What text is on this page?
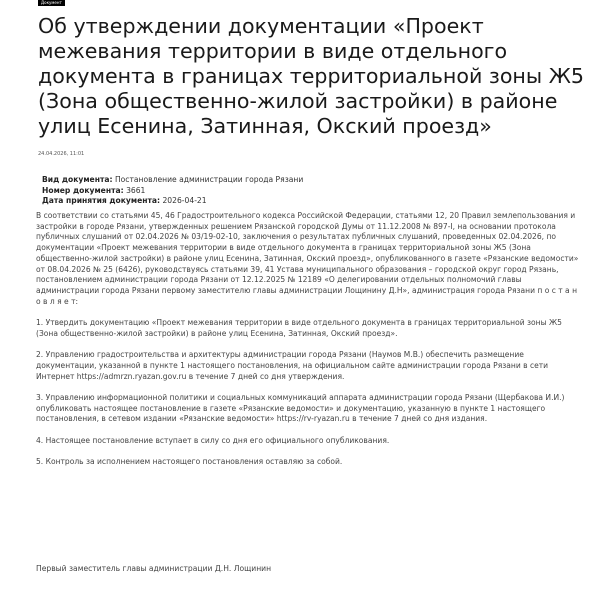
Документ
Об утверждении документации «Проект межевания территории в виде отдельного документа в границах территориальной зоны Ж5 (Зона общественно-жилой застройки) в районе улиц Есенина, Затинная, Окский проезд»
24.04.2026, 11:01
Вид документа: Постановление администрации города Рязани
Номер документа: 3661
Дата принятия документа: 2026-04-21

В соответствии со статьями 45, 46 Градостроительного кодекса Российской Федерации, статьями 12, 20 Правил землепользования и застройки в городе Рязани, утвержденных решением Рязанской городской Думы от 11.12.2008 № 897-I, на основании протокола публичных слушаний от 02.04.2026 № 03/19-02-10, заключения о результатах публичных слушаний, проведенных 02.04.2026, по документации «Проект межевания территории в виде отдельного документа в границах территориальной зоны Ж5 (Зона общественно-жилой застройки) в районе улиц Есенина, Затинная, Окский проезд», опубликованного в газете «Рязанские ведомости» от 08.04.2026 № 25 (6426), руководствуясь статьями 39, 41 Устава муниципального образования – городской округ город Рязань, постановлением администрации города Рязани от 12.12.2025 № 12189 «О делегировании отдельных полномочий главы администрации города Рязани первому заместителю главы администрации Лощинину Д.Н», администрация города Рязани п о с т а н о в л я е т:

1. Утвердить документацию «Проект межевания территории в виде отдельного документа в границах территориальной зоны Ж5 (Зона общественно-жилой застройки) в районе улиц Есенина, Затинная, Окский проезд».

2. Управлению градостроительства и архитектуры администрации города Рязани (Наумов М.В.) обеспечить размещение документации, указанной в пункте 1 настоящего постановления, на официальном сайте администрации города Рязани в сети Интернет https://admrzn.ryazan.gov.ru в течение 7 дней со дня утверждения.

3. Управлению информационной политики и социальных коммуникаций аппарата администрации города Рязани (Щербакова И.И.) опубликовать настоящее постановление в газете «Рязанские ведомости» и документацию, указанную в пункте 1 настоящего постановления, в сетевом издании «Рязанские ведомости» https://rv-ryazan.ru в течение 7 дней со дня издания.

4. Настоящее постановление вступает в силу со дня его официального опубликования.

5. Контроль за исполнением настоящего постановления оставляю за собой.

Первый заместитель главы администрации Д.Н. Лощинин
